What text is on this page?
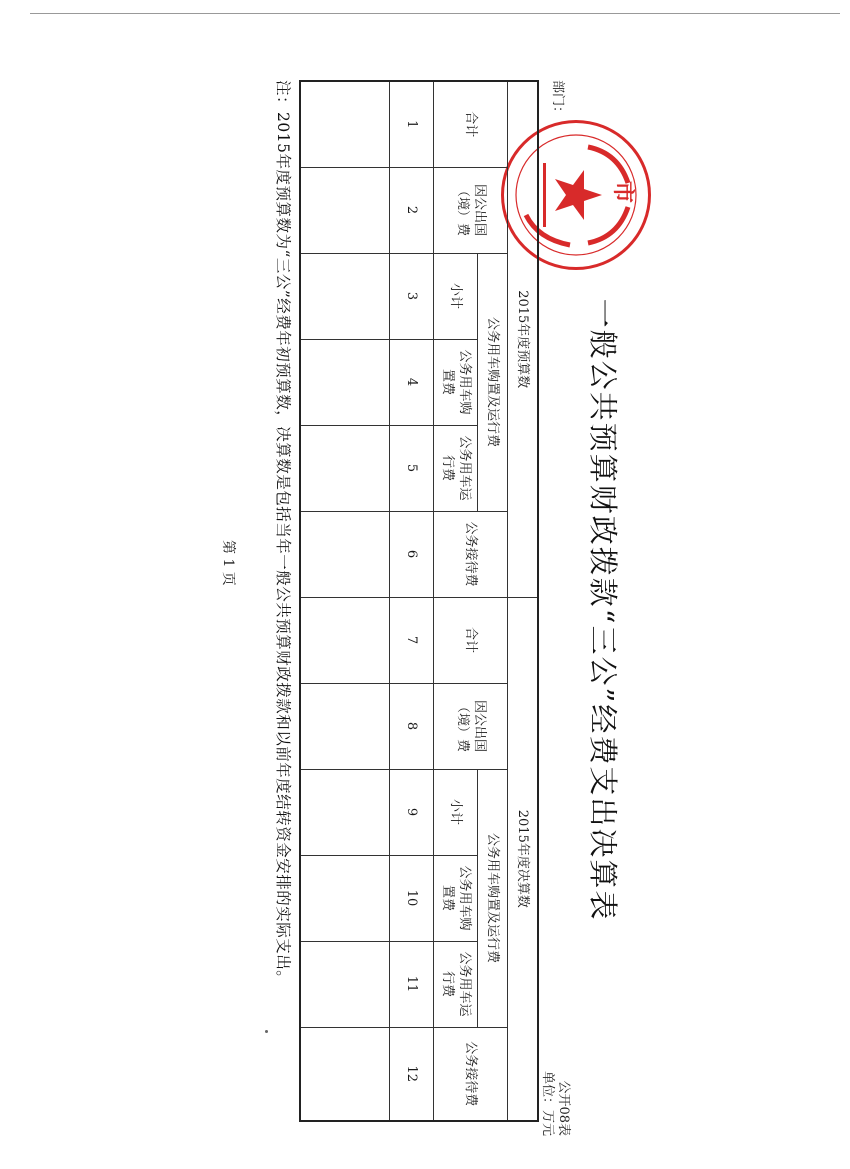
一般公共预算财政拨款“三公”经费支出决算表
公开08表
单位：万元
部门：
市
2015年度预算数						2015年度决算数					
合计	因公出国（境）费	公务用车购置及运行费			公务接待费	合计	因公出国（境）费	公务用车购置及运行费			公务接待费
		小计	公务用车购置费	公务用车运行费				小计	公务用车购置费	公务用车运行费	

1	2	3	4	5	6	7	8	9	10	11	12

注：2015年度预算数为“三公”经费年初预算数，决算数是包括当年一般公共预算财政拨款和以前年度结转资金安排的实际支出。
第 1 页
